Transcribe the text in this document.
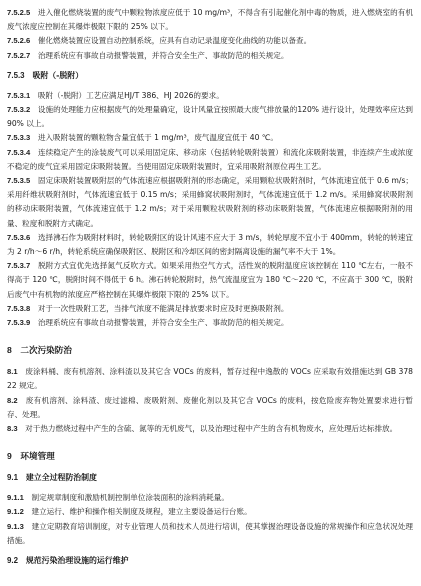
7.5.2.5　 进入催化燃烧装置的废气中颗粒物浓度应低于 10 mg/m³，不得含有引起催化剂中毒的物质，进入燃烧室的有机废气浓度应控制在其爆炸极限下限的 25% 以下。

7.5.2.6　 催化燃烧装置应设置自动控制系统，应具有自动记录温度变化曲线的功能以备查。

7.5.2.7　 治理系统应有事故自动报警装置，并符合安全生产、事故防范的相关规定。

7.5.3　 吸附（-脱附）

7.5.3.1　 吸附（-脱附）工艺应满足HJ/T 386、HJ 2026的要求。

7.5.3.2　 设施的处理能力应根据废气的处理量确定，设计风量宜按照最大废气排放量的120% 进行设计，处理效率应达到 90% 以上。

7.5.3.3　 进入吸附装置的颗粒物含量宜低于 1 mg/m³，废气温度宜低于 40 ℃。

7.5.3.4　 连续稳定产生的涂装废气可以采用固定床、移动床（包括转轮吸附装置）和流化床吸附装置，非连续产生或浓度不稳定的废气宜采用固定床吸附装置。当使用固定床吸附装置时，宜采用吸附剂原位再生工艺。

7.5.3.5　 固定床吸附装置吸附层的气体流速应根据吸附剂的形态确定，采用颗粒状吸附剂时，气体流速宜低于 0.6 m/s；采用纤维状吸附剂时，气体流速宜低于 0.15 m/s；采用蜂窝状吸附剂时，气体流速宜低于 1.2 m/s。采用蜂窝状吸附剂的移动床吸附装置，气体流速宜低于 1.2 m/s；对于采用颗粒状吸附剂的移动床吸附装置，气体流速应根据吸附剂的用量、粒度和脱附方式确定。

7.5.3.6　 选择沸石作为吸附材料时，转轮吸附区的设计风速不应大于 3 m/s，转轮厚度不宜小于 400mm，转轮的转速宜为 2 r/h～6 r/h，转轮系统应确保吸附区、脱附区和冷却区间的密封隔离设施的漏气率不大于 1%。

7.5.3.7　 脱附方式宜优先选择氮气反吹方式。如果采用热空气方式，活性炭的脱附温度应该控制在 110 ℃左右，一般不得高于 120 ℃，脱附时间不得低于 6 h。沸石转轮脱附时，热气流温度宜为 180 ℃～220 ℃，不应高于 300 ℃，脱附后废气中有机物的浓度应严格控制在其爆炸极限下限的 25% 以下。

7.5.3.8　 对于一次性吸附工艺，当排气浓度不能满足排放要求时应及时更换吸附剂。

7.5.3.9　 治理系统应有事故自动报警装置，并符合安全生产、事故防范的相关规定。

8　 二次污染防治

8.1　 废涂料桶、废有机溶剂、涂料渣以及其它含 VOCs 的废料，暂存过程中逸散的 VOCs 应采取有效措施达到 GB 37822 规定。

8.2　 废有机溶剂、涂料渣、废过滤棉、废吸附剂、废催化剂以及其它含 VOCs 的废料，按危险废弃物处置要求进行暂存、处理。

8.3　 对于热力燃烧过程中产生的含硫、氮等的无机废气，以及治理过程中产生的含有机物废水，应处理后达标排放。

9　 环境管理

9.1　 建立全过程防治制度

9.1.1　 制定规章制度和激励机制控制单位涂装面积的涂料消耗量。

9.1.2　 建立运行、维护和操作相关制度及规程，建立主要设备运行台账。

9.1.3　 建立定期教育培训制度，对专业管理人员和技术人员进行培训，使其掌握治理设备设施的常规操作和应急状况处理措施。

9.2　 规范污染治理设施的运行维护
